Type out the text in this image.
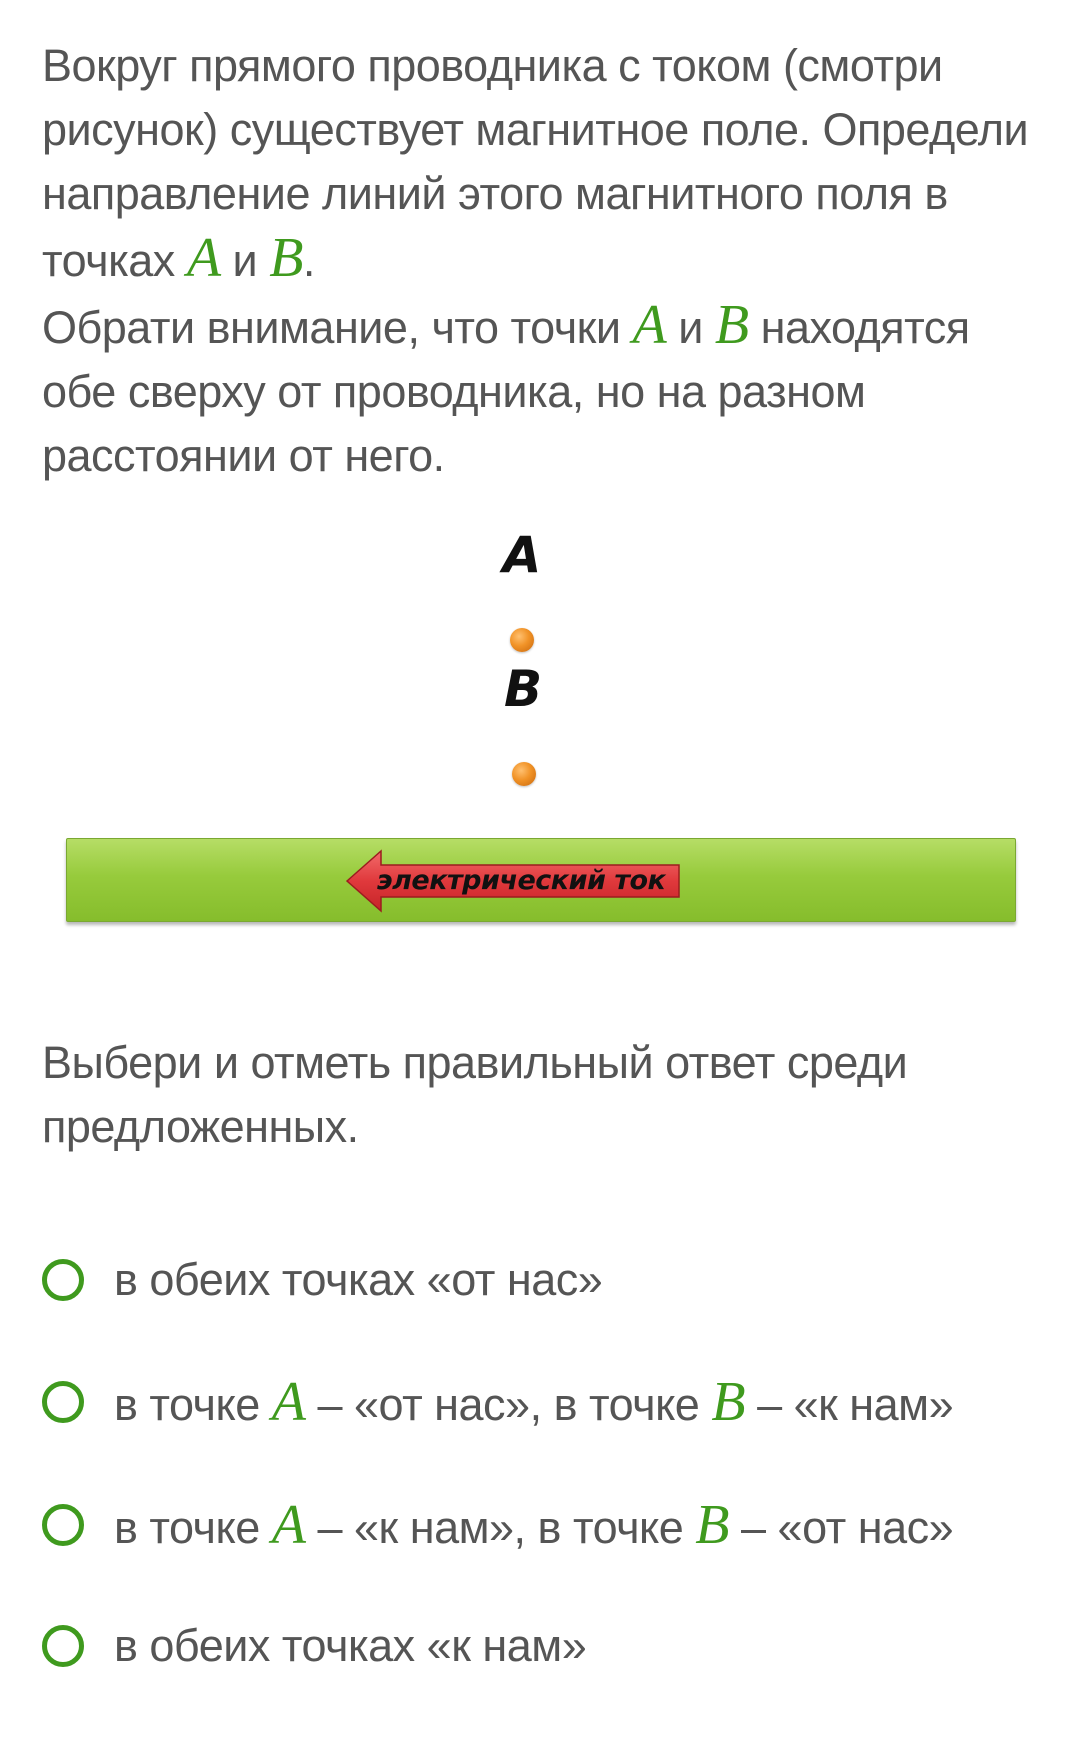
Вокруг прямого проводника с током (смотри рисунок) существует магнитное поле. Определи направление линий этого магнитного поля в точках A и B.

Обрати внимание, что точки A и B находятся обе сверху от проводника, но на разном расстоянии от него.

A
B
электрический ток

Выбери и отметь правильный ответ среди предложенных.

в обеих точках «от нас»
в точке A – «от нас», в точке B – «к нам»
в точке A – «к нам», в точке B – «от нас»
в обеих точках «к нам»
